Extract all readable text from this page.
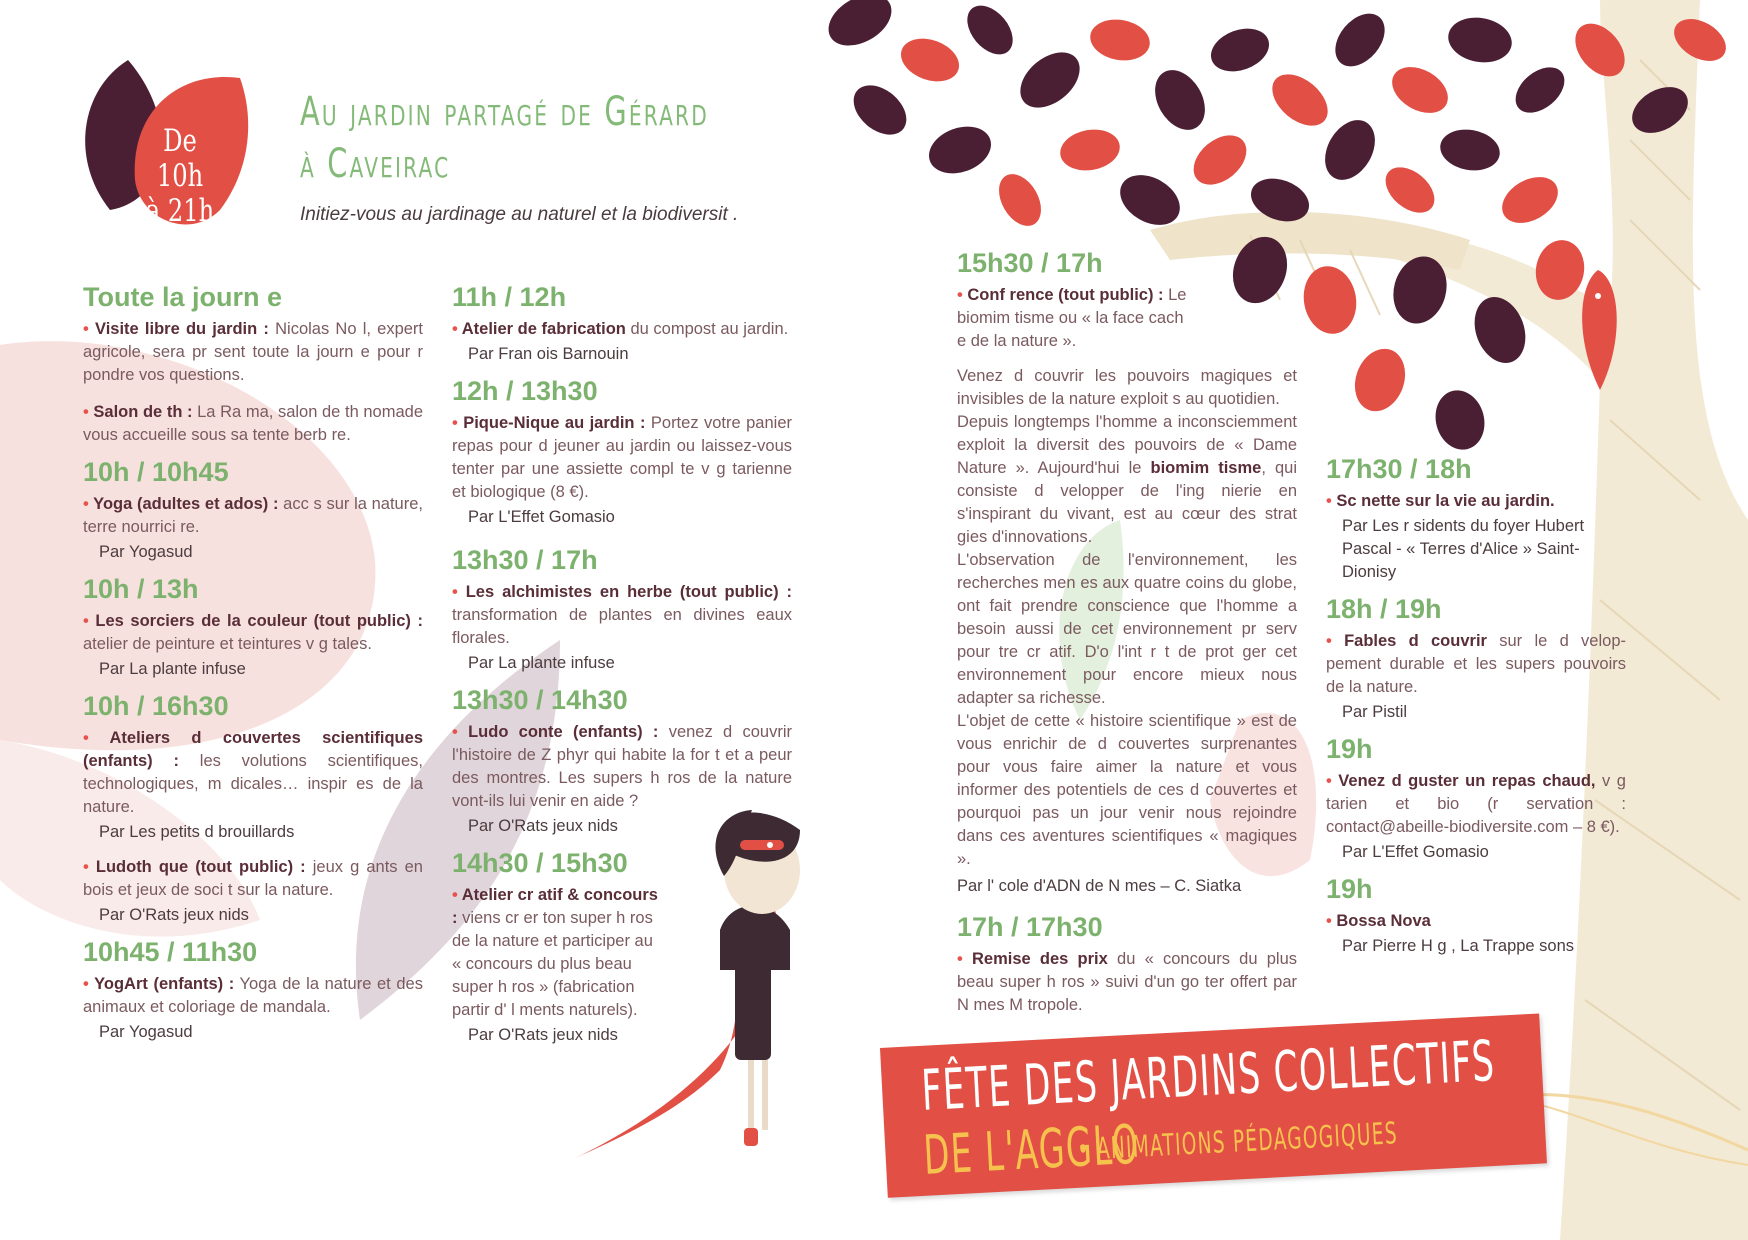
De 10h
à 21h
Au jardin partagé de Gérard
à Caveirac
Initiez-vous au jardinage au naturel et la biodiversit .
Toute la journ e
• Visite libre du jardin : Nicolas No l, expert agricole, sera pr sent toute la journ e pour r pondre vos questions.
• Salon de th : La Ra ma, salon de th nomade vous accueille sous sa tente berb re.
10h / 10h45
• Yoga (adultes et ados) : acc s sur la nature, terre nourrici re.
Par Yogasud
10h / 13h
• Les sorciers de la couleur (tout public) : atelier de peinture et teintures v g tales.
Par La plante infuse
10h / 16h30
• Ateliers d couvertes scientifiques (enfants) : les volutions scientifiques, technologiques, m dicales… inspir es de la nature.
Par Les petits d brouillards
• Ludoth que (tout public) : jeux g ants en bois et jeux de soci t sur la nature.
Par O'Rats jeux nids
10h45 / 11h30
• YogArt (enfants) : Yoga de la nature et des animaux et coloriage de mandala.
Par Yogasud
11h / 12h
• Atelier de fabrication du compost au jardin.
Par Fran ois Barnouin
12h / 13h30
• Pique-Nique au jardin : Portez votre panier repas pour d jeuner au jardin ou laissez-vous tenter par une assiette compl te v g tarienne et biologique (8 €).
Par L'Effet Gomasio
13h30 / 17h
• Les alchimistes en herbe (tout public) : transformation de plantes en divines eaux florales.
Par La plante infuse
13h30 / 14h30
• Ludo conte (enfants) : venez d couvrir l'histoire de Z phyr qui habite la for t et a peur des montres. Les supers h ros de la nature vont-ils lui venir en aide ?
Par O'Rats jeux nids
14h30 / 15h30
• Atelier cr atif & concours : viens cr er ton super h ros de la nature et participer au « concours du plus beau super h ros » (fabrication partir d' l ments naturels).
Par O'Rats jeux nids
15h30 / 17h
• Conf rence (tout public) : Le biomim tisme ou « la face cach e de la nature ».
Venez d couvrir les pouvoirs magiques et invisibles de la nature exploit s au quotidien.
Depuis longtemps l'homme a inconsciemment exploit la diversit des pouvoirs de « Dame Nature ». Aujourd'hui le biomim tisme, qui consiste d velopper de l'ing nierie en s'inspirant du vivant, est au cœur des strat gies d'innovations.
L'observation de l'environnement, les recherches men es aux quatre coins du globe, ont fait prendre conscience que l'homme a besoin aussi de cet environnement pr serv pour tre cr atif. D'o l'int r t de prot ger cet environnement pour encore mieux nous adapter sa richesse.
L'objet de cette « histoire scientifique » est de vous enrichir de d couvertes surprenantes pour vous faire aimer la nature et vous informer des potentiels de ces d couvertes et pourquoi pas un jour venir nous rejoindre dans ces aventures scientifiques « magiques ».
Par l' cole d'ADN de N mes – C. Siatka
17h / 17h30
• Remise des prix du « concours du plus beau super h ros » suivi d'un go ter offert par N mes M tropole.
17h30 / 18h
• Sc nette sur la vie au jardin.
Par Les r sidents du foyer Hubert Pascal - « Terres d'Alice » Saint-Dionisy
18h / 19h
• Fables d couvrir sur le d velop-pement durable et les supers pouvoirs de la nature.
Par Pistil
19h
• Venez d guster un repas chaud, v g tarien et bio (r servation : contact@abeille-biodiversite.com – 8 €).
Par L'Effet Gomasio
19h
• Bossa Nova
Par Pierre H g , La Trappe sons
FÊTE DES JARDINS COLLECTIFS
DE L'AGGLO • ANIMATIONS PÉDAGOGIQUES
